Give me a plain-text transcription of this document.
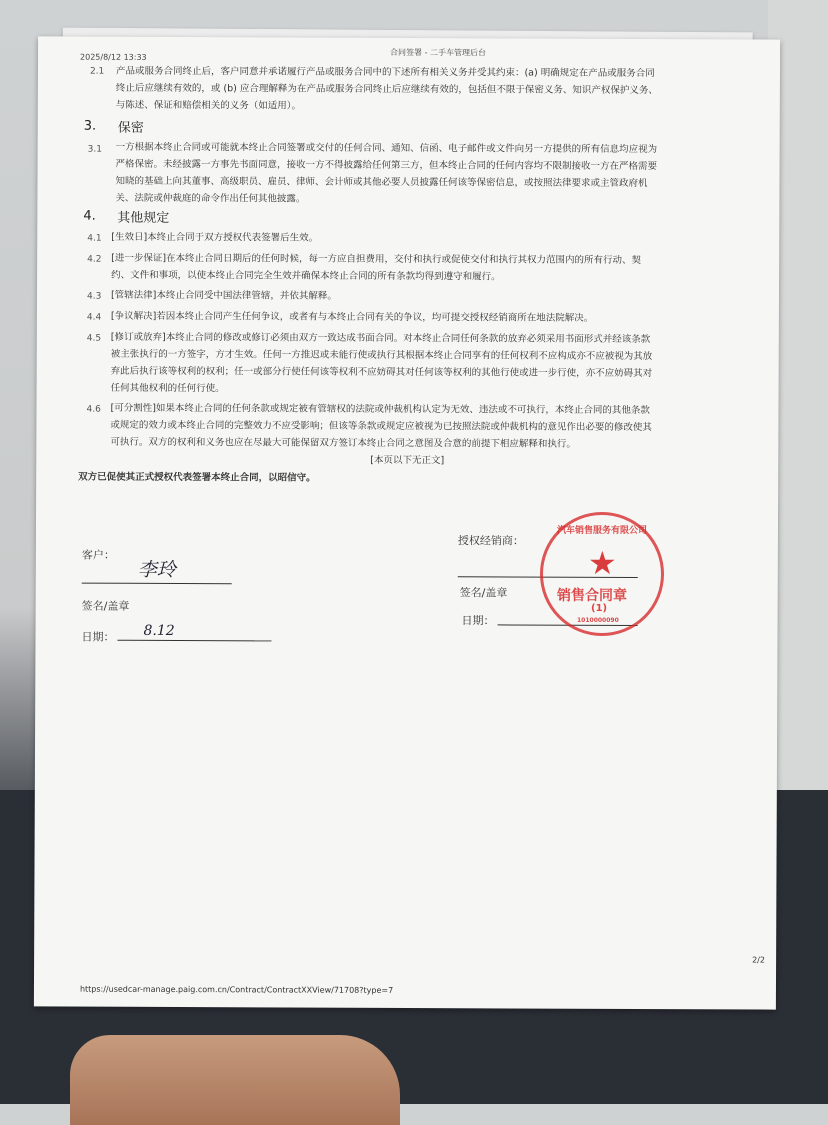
2025/8/12 13:33	合同签署 - 二手车管理后台
2.1 产品或服务合同终止后，客户同意并承诺履行产品或服务合同中的下述所有相关义务并受其约束：(a) 明确规定在产品或服务合同
终止后应继续有效的，或 (b) 应合理解释为在产品或服务合同终止后应继续有效的，包括但不限于保密义务、知识产权保护义务、
与陈述、保证和赔偿相关的义务（如适用）。
3. 保密
3.1 一方根据本终止合同或可能就本终止合同签署或交付的任何合同、通知、信函、电子邮件或文件向另一方提供的所有信息均应视为
严格保密。未经披露一方事先书面同意，接收一方不得披露给任何第三方，但本终止合同的任何内容均不限制接收一方在严格需要
知晓的基础上向其董事、高级职员、雇员、律师、会计师或其他必要人员披露任何该等保密信息，或按照法律要求或主管政府机
关、法院或仲裁庭的命令作出任何其他披露。
4. 其他规定
4.1 [生效日]本终止合同于双方授权代表签署后生效。
4.2 [进一步保证]在本终止合同日期后的任何时候，每一方应自担费用，交付和执行或促使交付和执行其权力范围内的所有行动、契
约、文件和事项，以使本终止合同完全生效并确保本终止合同的所有条款均得到遵守和履行。
4.3 [管辖法律]本终止合同受中国法律管辖，并依其解释。
4.4 [争议解决]若因本终止合同产生任何争议，或者有与本终止合同有关的争议，均可提交授权经销商所在地法院解决。
4.5 [修订或放弃]本终止合同的修改或修订必须由双方一致达成书面合同。对本终止合同任何条款的放弃必须采用书面形式并经该条款
被主张执行的一方签字，方才生效。任何一方推迟或未能行使或执行其根据本终止合同享有的任何权利不应构成亦不应被视为其放
弃此后执行该等权利的权利；任一或部分行使任何该等权利不应妨碍其对任何该等权利的其他行使或进一步行使，亦不应妨碍其对
任何其他权利的任何行使。
4.6 [可分割性]如果本终止合同的任何条款或规定被有管辖权的法院或仲裁机构认定为无效、违法或不可执行，本终止合同的其他条款
或规定的效力或本终止合同的完整效力不应受影响；但该等条款或规定应被视为已按照法院或仲裁机构的意见作出必要的修改使其
可执行。双方的权利和义务也应在尽最大可能保留双方签订本终止合同之意图及合意的前提下相应解释和执行。
[本页以下无正文]
双方已促使其正式授权代表签署本终止合同，以昭信守。
客户：
李玲
签名/盖章
日期： 8.12
授权经销商：
签名/盖章
日期：
https://usedcar-manage.paig.com.cn/Contract/ContractXXView/71708?type=7
2/2
汽车销售服务有限公司
★
销售合同章
(1)
1010000090
